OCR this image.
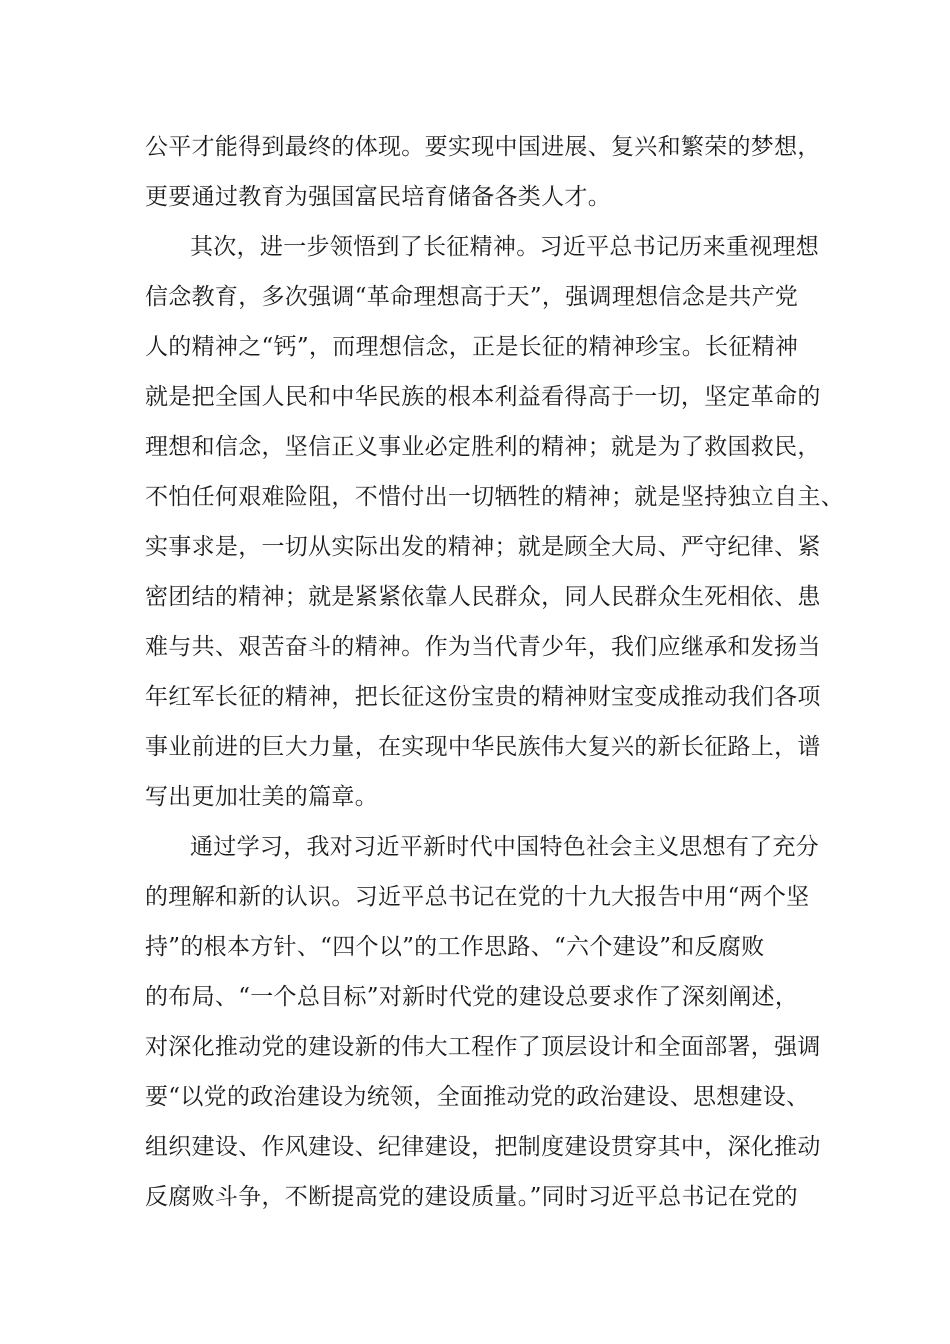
公平才能得到最终的体现。要实现中国进展、复兴和繁荣的梦想，
更要通过教育为强国富民培育储备各类人才。
其次，进一步领悟到了长征精神。习近平总书记历来重视理想
信念教育，多次强调“革命理想高于天”，强调理想信念是共产党
人的精神之“钙”，而理想信念，正是长征的精神珍宝。长征精神
就是把全国人民和中华民族的根本利益看得高于一切，坚定革命的
理想和信念，坚信正义事业必定胜利的精神；就是为了救国救民，
不怕任何艰难险阻，不惜付出一切牺牲的精神；就是坚持独立自主、
实事求是，一切从实际出发的精神；就是顾全大局、严守纪律、紧
密团结的精神；就是紧紧依靠人民群众，同人民群众生死相依、患
难与共、艰苦奋斗的精神。作为当代青少年，我们应继承和发扬当
年红军长征的精神，把长征这份宝贵的精神财宝变成推动我们各项
事业前进的巨大力量，在实现中华民族伟大复兴的新长征路上，谱
写出更加壮美的篇章。
通过学习，我对习近平新时代中国特色社会主义思想有了充分
的理解和新的认识。习近平总书记在党的十九大报告中用“两个坚
持”的根本方针、“四个以”的工作思路、“六个建设”和反腐败
的布局、“一个总目标”对新时代党的建设总要求作了深刻阐述，
对深化推动党的建设新的伟大工程作了顶层设计和全面部署，强调
要“以党的政治建设为统领，全面推动党的政治建设、思想建设、
组织建设、作风建设、纪律建设，把制度建设贯穿其中，深化推动
反腐败斗争，不断提高党的建设质量。”同时习近平总书记在党的
